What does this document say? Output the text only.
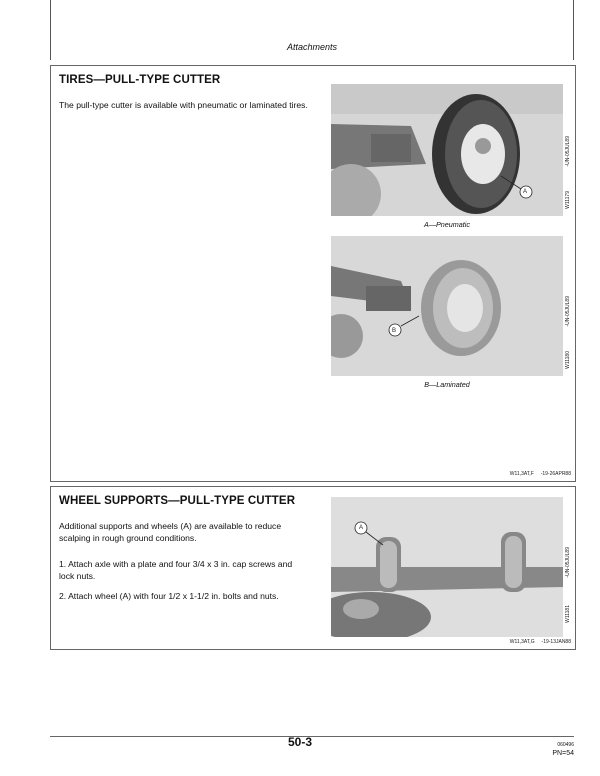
Attachments
TIRES—PULL-TYPE CUTTER
The pull-type cutter is available with pneumatic or laminated tires.
A
-UN-05JUL89
W11179
A—Pneumatic
B
-UN-05JUL89
W11180
B—Laminated
W11,3AT,F     -19-26APR88
WHEEL SUPPORTS—PULL-TYPE CUTTER
Additional supports and wheels (A) are available to reduce scalping in rough ground conditions.
1. Attach axle with a plate and four 3/4 x 3 in. cap screws and lock nuts.
2. Attach wheel (A) with four 1/2 x 1-1/2 in. bolts and nuts.
A
-UN-05JUL89
W11181
W11,3AT,G     -19-13JAN88
50-3	060496
PN=54
